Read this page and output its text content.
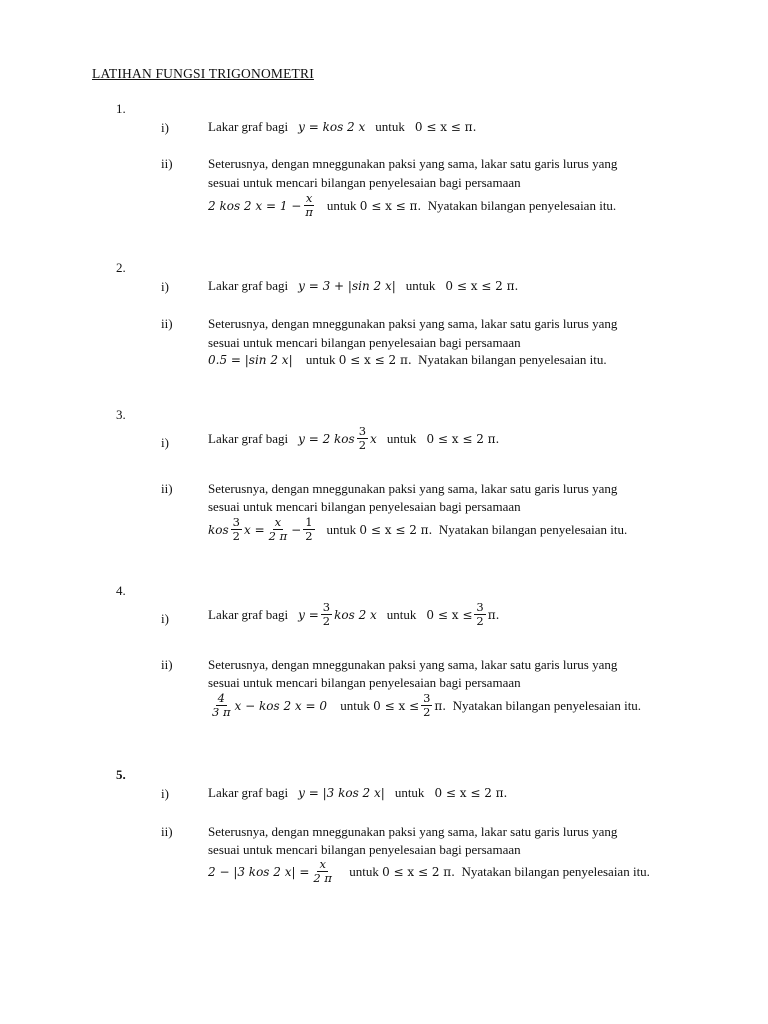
LATIHAN FUNGSI TRIGONOMETRI
1.
i)	Lakar graf bagi y = kos 2 x untuk 0 ≤ x ≤ π.
ii)	Seterusnya, dengan mneggunakan paksi yang sama, lakar satu garis lurus yang
sesuai untuk mencari bilangan penyelesaian bagi persamaan
2 kos 2 $x = 1 - \frac{x}{\pi}$ untuk
0 ≤ x ≤ π.
Nyatakan bilangan penyelesaian itu.
2.
i)	Lakar graf bagi y = 3 + |sin 2 x| untuk 0 ≤ x ≤ 2 π.
ii)	Seterusnya, dengan mneggunakan paksi yang sama, lakar satu garis lurus yang
sesuai untuk mencari bilangan penyelesaian bagi persamaan
0.5 = |sin 2 x|
untuk
0 ≤ x ≤ 2 π.
Nyatakan bilangan penyelesaian itu.
3.
i)	Lakar graf bagi y = 2 kos $\frac{3}{2}$ x untuk 0 ≤ x ≤ 2 π.
ii)	Seterusnya, dengan mneggunakan paksi yang sama, lakar satu garis lurus yang
sesuai untuk mencari bilangan penyelesaian bagi persamaan
kos $\frac{3}{2}$ $x = \frac{x}{2 \pi} - \frac{1}{2}$ untuk
0 ≤ x ≤ 2 π.
Nyatakan bilangan penyelesaian itu.
4.
i)	Lakar graf bagi $y = \frac{3}{2}$ kos 2 x untuk $0 \le x \le \frac{3}{2} \pi$.
ii)	Seterusnya, dengan mneggunakan paksi yang sama, lakar satu garis lurus yang
sesuai untuk mencari bilangan penyelesaian bagi persamaan
$\frac{4}{3 \pi}$ x − kos 2 x = 0
untuk
$0 \le x \le \frac{3}{2} \pi$.
Nyatakan bilangan penyelesaian itu.
5.
i)	Lakar graf bagi y = |3 kos 2 x| untuk 0 ≤ x ≤ 2 π.
ii)	Seterusnya, dengan mneggunakan paksi yang sama, lakar satu garis lurus yang
sesuai untuk mencari bilangan penyelesaian bagi persamaan
2 − |3 kos 2 $x| = \frac{x}{2 \pi}$
untuk
0 ≤ x ≤ 2 π.
Nyatakan bilangan penyelesaian itu.
